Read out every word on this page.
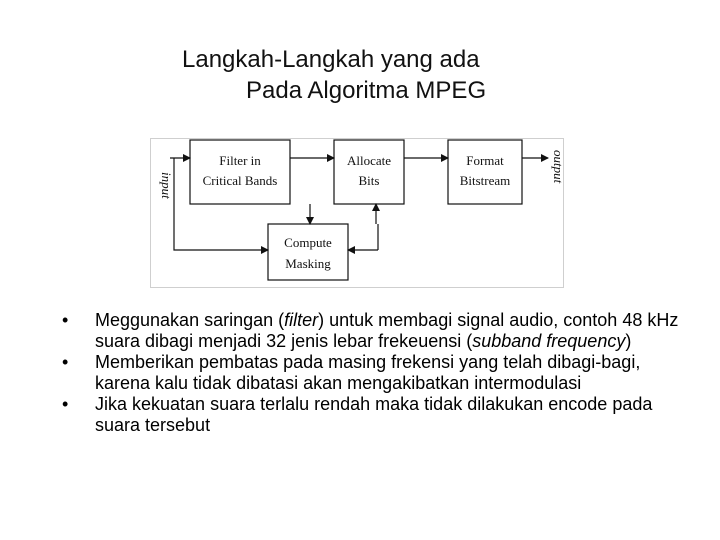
Langkah-Langkah yang ada
Pada Algoritma MPEG
input
output
Filter in
Critical Bands
Allocate
Bits
Format
Bitstream
Compute
Masking
• Meggunakan saringan (filter) untuk membagi signal audio, contoh 48 kHz suara dibagi menjadi 32 jenis lebar frekeuensi (subband frequency)
• Memberikan pembatas pada masing frekensi yang telah dibagi-bagi, karena kalu tidak dibatasi akan mengakibatkan intermodulasi
• Jika kekuatan suara terlalu rendah maka tidak dilakukan encode pada suara tersebut
